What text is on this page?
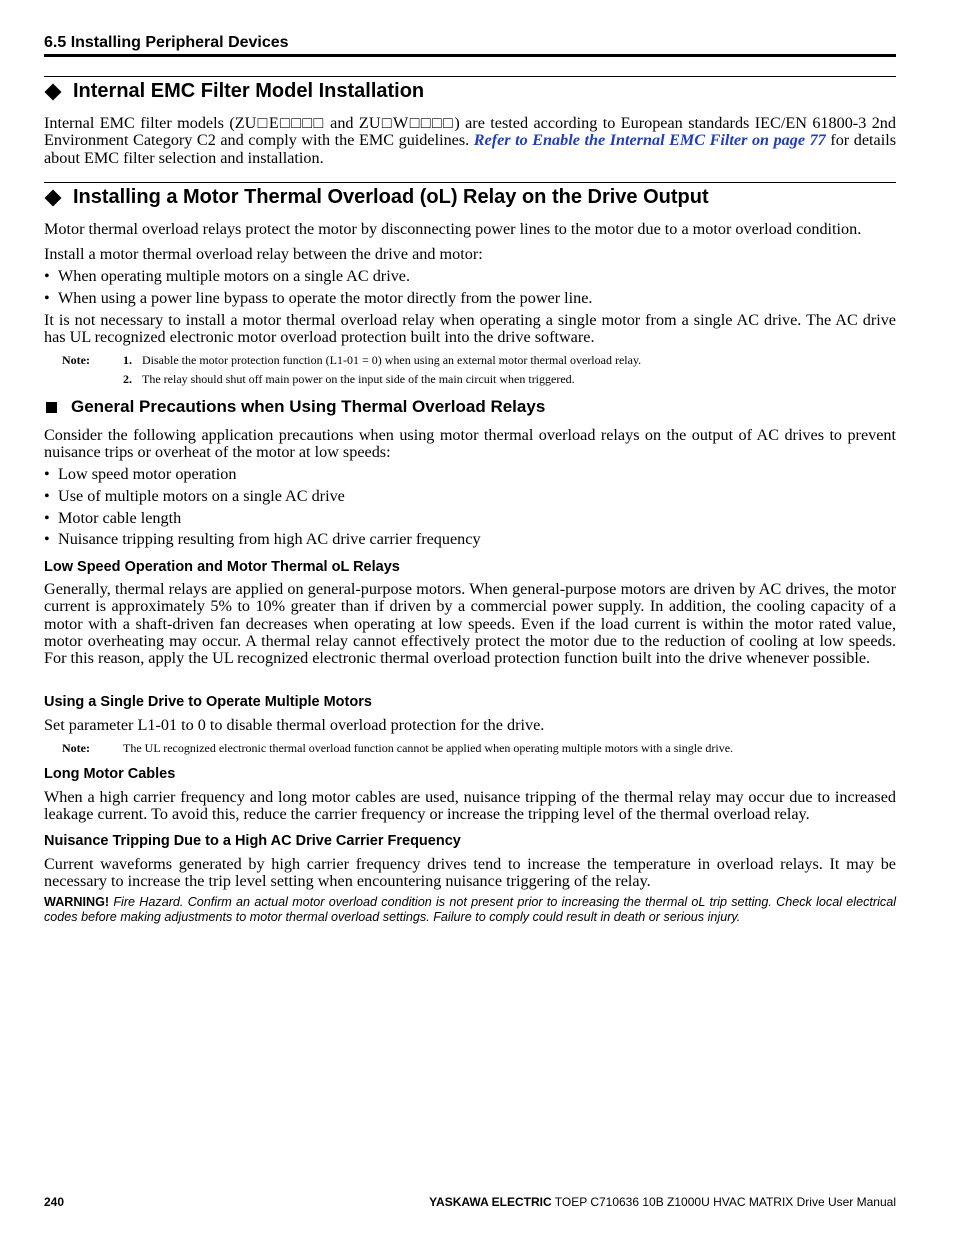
6.5 Installing Peripheral Devices
Internal EMC Filter Model Installation
Internal EMC filter models (ZU□E□□□□ and ZU□W□□□□) are tested according to European standards IEC/EN 61800-3 2nd Environment Category C2 and comply with the EMC guidelines. Refer to Enable the Internal EMC Filter on page 77 for details about EMC filter selection and installation.
Installing a Motor Thermal Overload (oL) Relay on the Drive Output
Motor thermal overload relays protect the motor by disconnecting power lines to the motor due to a motor overload condition.
Install a motor thermal overload relay between the drive and motor:
• When operating multiple motors on a single AC drive.
• When using a power line bypass to operate the motor directly from the power line.
It is not necessary to install a motor thermal overload relay when operating a single motor from a single AC drive. The AC drive has UL recognized electronic motor overload protection built into the drive software.
Note:	1. Disable the motor protection function (L1-01 = 0) when using an external motor thermal overload relay.
2. The relay should shut off main power on the input side of the main circuit when triggered.
General Precautions when Using Thermal Overload Relays
Consider the following application precautions when using motor thermal overload relays on the output of AC drives to prevent nuisance trips or overheat of the motor at low speeds:
• Low speed motor operation
• Use of multiple motors on a single AC drive
• Motor cable length
• Nuisance tripping resulting from high AC drive carrier frequency
Low Speed Operation and Motor Thermal oL Relays
Generally, thermal relays are applied on general-purpose motors. When general-purpose motors are driven by AC drives, the motor current is approximately 5% to 10% greater than if driven by a commercial power supply. In addition, the cooling capacity of a motor with a shaft-driven fan decreases when operating at low speeds. Even if the load current is within the motor rated value, motor overheating may occur. A thermal relay cannot effectively protect the motor due to the reduction of cooling at low speeds. For this reason, apply the UL recognized electronic thermal overload protection function built into the drive whenever possible.
Using a Single Drive to Operate Multiple Motors
Set parameter L1-01 to 0 to disable thermal overload protection for the drive.
Note:	The UL recognized electronic thermal overload function cannot be applied when operating multiple motors with a single drive.
Long Motor Cables
When a high carrier frequency and long motor cables are used, nuisance tripping of the thermal relay may occur due to increased leakage current. To avoid this, reduce the carrier frequency or increase the tripping level of the thermal overload relay.
Nuisance Tripping Due to a High AC Drive Carrier Frequency
Current waveforms generated by high carrier frequency drives tend to increase the temperature in overload relays. It may be necessary to increase the trip level setting when encountering nuisance triggering of the relay.
WARNING! Fire Hazard. Confirm an actual motor overload condition is not present prior to increasing the thermal oL trip setting. Check local electrical codes before making adjustments to motor thermal overload settings. Failure to comply could result in death or serious injury.
240	YASKAWA ELECTRIC TOEP C710636 10B Z1000U HVAC MATRIX Drive User Manual
